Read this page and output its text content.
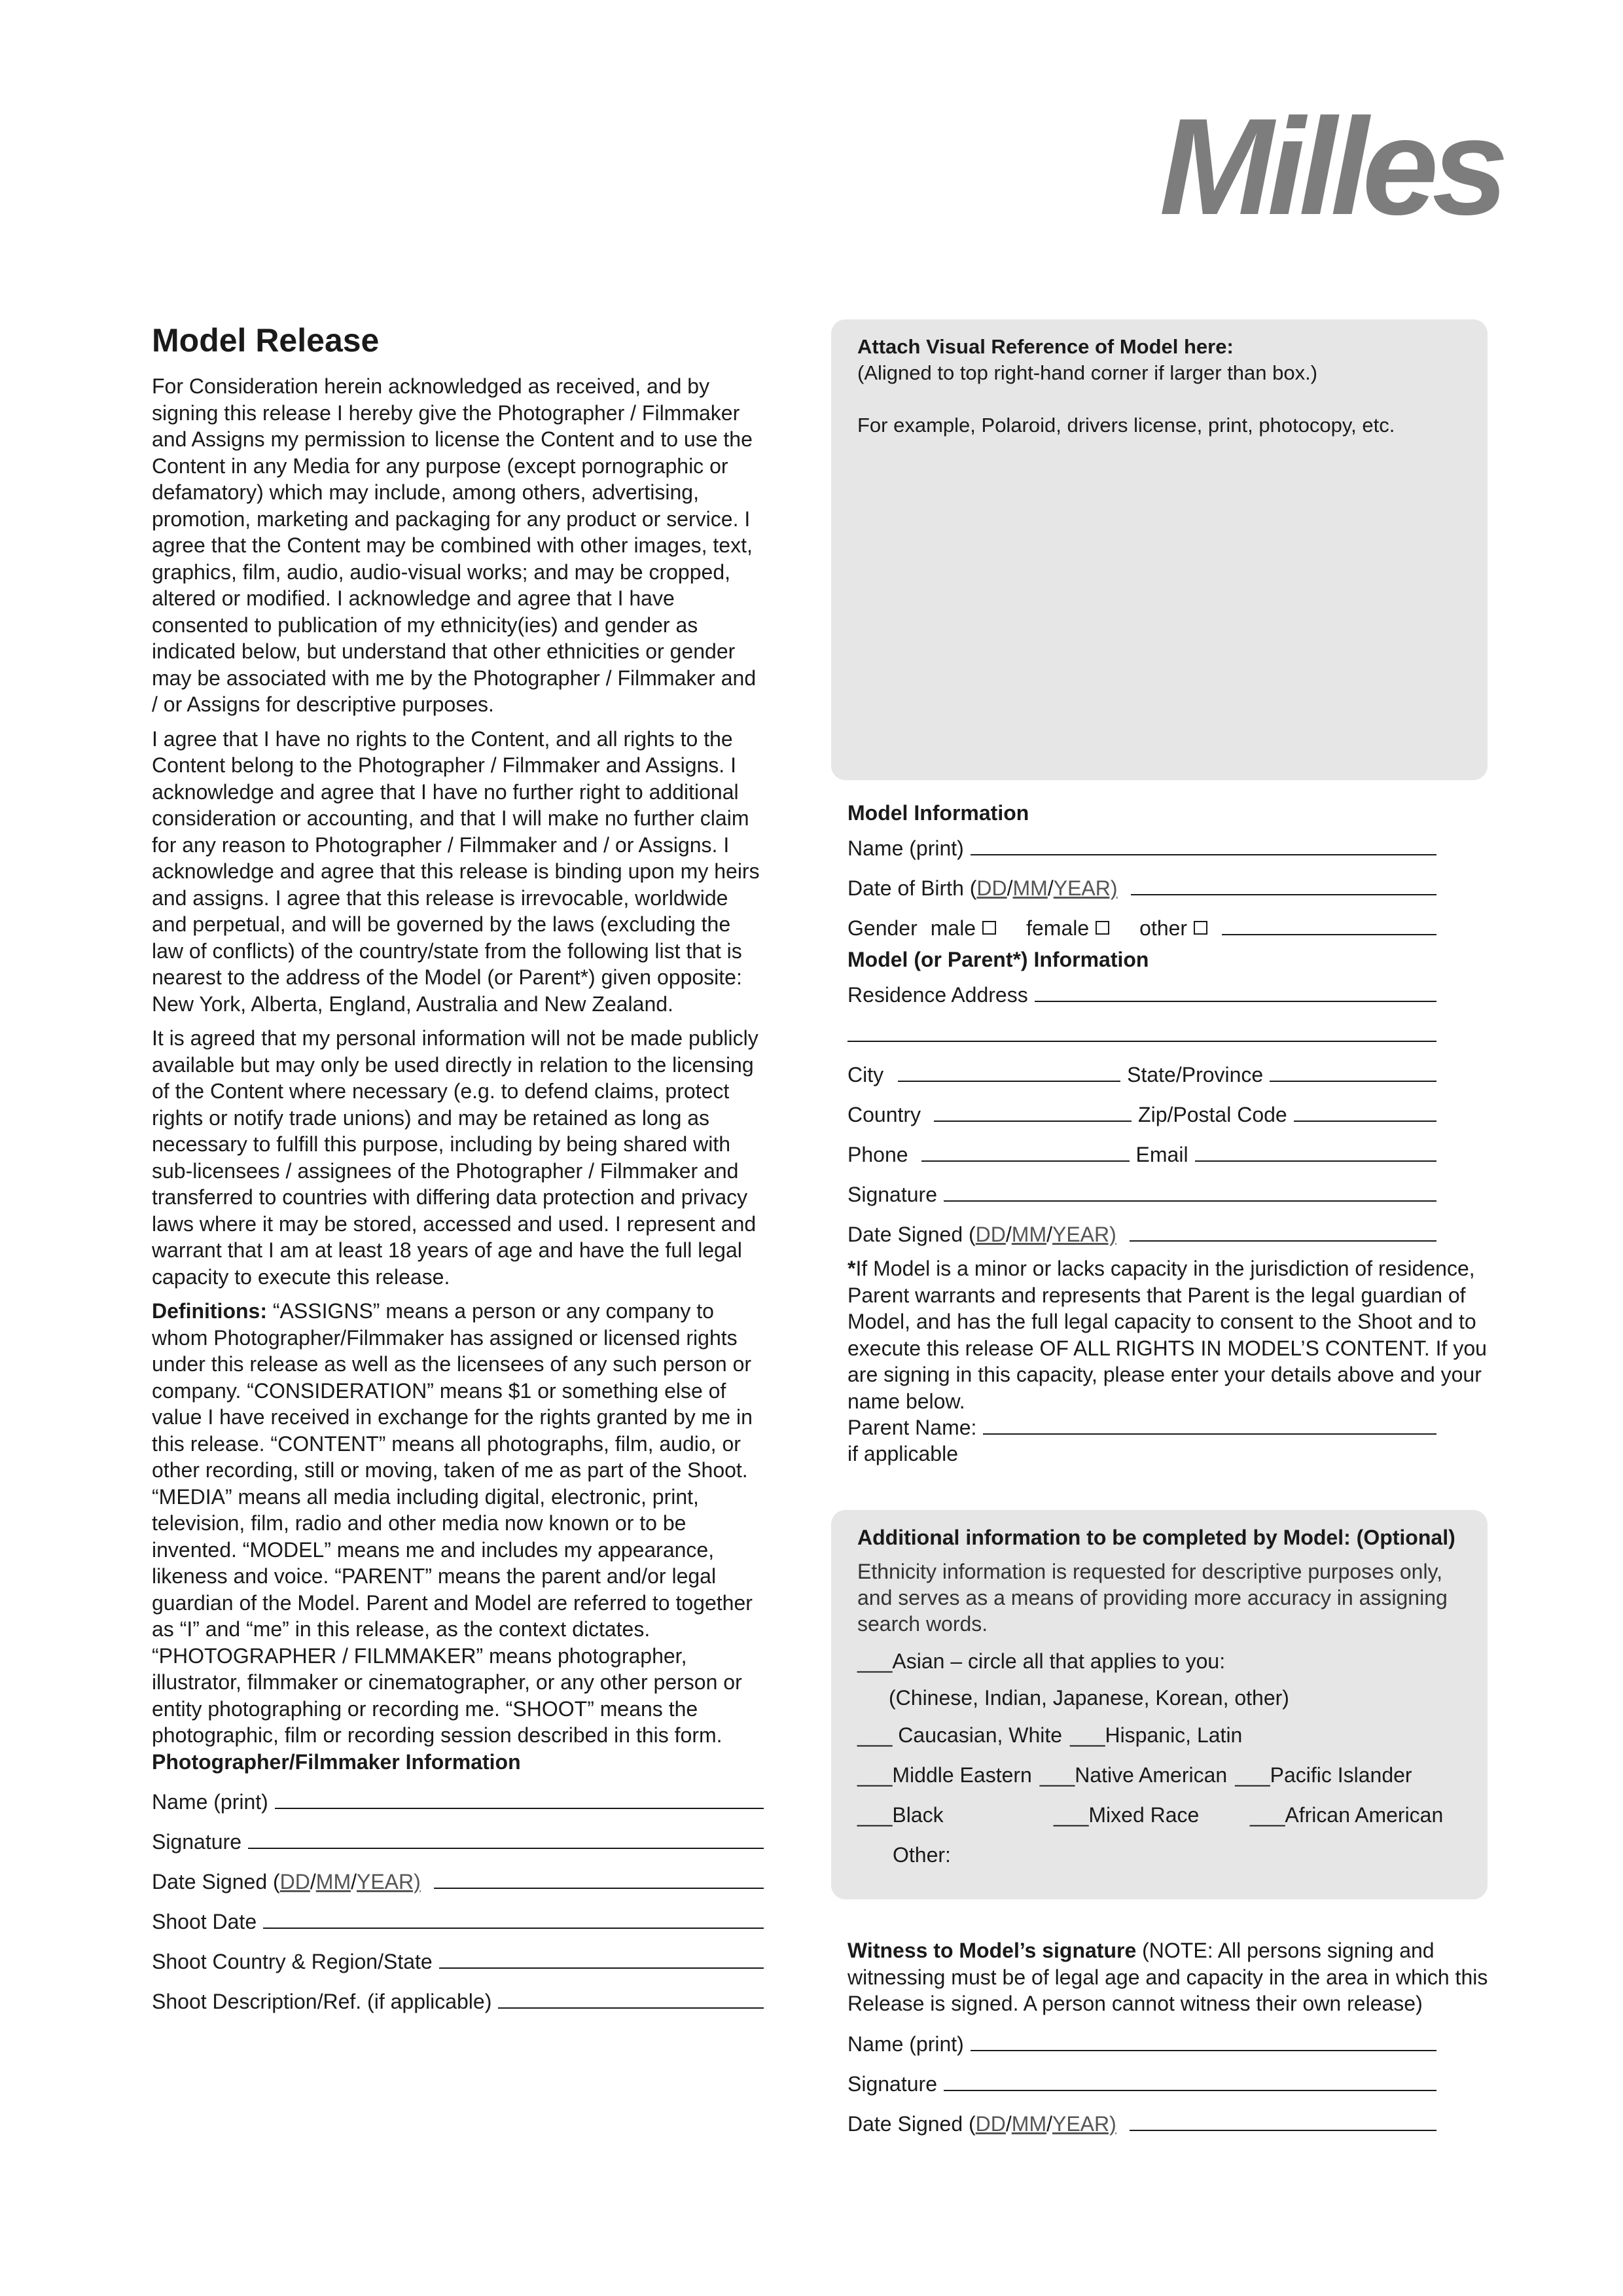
Milles
Model Release

For Consideration herein acknowledged as received, and by signing this release I hereby give the Photographer / Filmmaker and Assigns my permission to license the Content and to use the Content in any Media for any purpose (except pornographic or defamatory) which may include, among others, advertising, promotion, marketing and packaging for any product or service. I agree that the Content may be combined with other images, text, graphics, film, audio, audio-visual works; and may be cropped, altered or modified. I acknowledge and agree that I have consented to publication of my ethnicity(ies) and gender as indicated below, but understand that other ethnicities or gender may be associated with me by the Photographer / Filmmaker and / or Assigns for descriptive purposes.

I agree that I have no rights to the Content, and all rights to the Content belong to the Photographer / Filmmaker and Assigns. I acknowledge and agree that I have no further right to additional consideration or accounting, and that I will make no further claim for any reason to Photographer / Filmmaker and / or Assigns. I acknowledge and agree that this release is binding upon my heirs and assigns. I agree that this release is irrevocable, worldwide and perpetual, and will be governed by the laws (excluding the law of conflicts) of the country/state from the following list that is nearest to the address of the Model (or Parent*) given opposite: New York, Alberta, England, Australia and New Zealand.

It is agreed that my personal information will not be made publicly available but may only be used directly in relation to the licensing of the Content where necessary (e.g. to defend claims, protect rights or notify trade unions) and may be retained as long as necessary to fulfill this purpose, including by being shared with sub-licensees / assignees of the Photographer / Filmmaker and transferred to countries with differing data protection and privacy laws where it may be stored, accessed and used. I represent and warrant that I am at least 18 years of age and have the full legal capacity to execute this release.

Definitions: “ASSIGNS” means a person or any company to whom Photographer/Filmmaker has assigned or licensed rights under this release as well as the licensees of any such person or company. “CONSIDERATION” means $1 or something else of value I have received in exchange for the rights granted by me in this release. “CONTENT” means all photographs, film, audio, or other recording, still or moving, taken of me as part of the Shoot. “MEDIA” means all media including digital, electronic, print, television, film, radio and other media now known or to be invented. “MODEL” means me and includes my appearance, likeness and voice. “PARENT” means the parent and/or legal guardian of the Model. Parent and Model are referred to together as “I” and “me” in this release, as the context dictates. “PHOTOGRAPHER / FILMMAKER” means photographer, illustrator, filmmaker or cinematographer, or any other person or entity photographing or recording me. “SHOOT” means the photographic, film or recording session described in this form.

Photographer/Filmmaker Information
Name (print)
Signature
Date Signed (DD/MM/YEAR)
Shoot Date
Shoot Country & Region/State
Shoot Description/Ref. (if applicable)
Attach Visual Reference of Model here:
(Aligned to top right-hand corner if larger than box.)
For example, Polaroid, drivers license, print, photocopy, etc.
Model Information
Name (print)
Date of Birth (DD/MM/YEAR)
Gender male female other
Model (or Parent*) Information
Residence Address
City	State/Province
Country	Zip/Postal Code
Phone	Email
Signature
Date Signed (DD/MM/YEAR)

*If Model is a minor or lacks capacity in the jurisdiction of residence, Parent warrants and represents that Parent is the legal guardian of Model, and has the full legal capacity to consent to the Shoot and to execute this release OF ALL RIGHTS IN MODEL’S CONTENT. If you are signing in this capacity, please enter your details above and your name below.

Parent Name:
if applicable
Additional information to be completed by Model: (Optional)
Ethnicity information is requested for descriptive purposes only, and serves as a means of providing more accuracy in assigning search words.
___Asian – circle all that applies to you:
(Chinese, Indian, Japanese, Korean, other)
___ Caucasian, White ___Hispanic, Latin
___Middle Eastern ___Native American ___Pacific Islander
___Black	___Mixed Race	___African American
Other:

Witness to Model’s signature (NOTE: All persons signing and witnessing must be of legal age and capacity in the area in which this Release is signed. A person cannot witness their own release)

Name (print)
Signature
Date Signed (DD/MM/YEAR)
